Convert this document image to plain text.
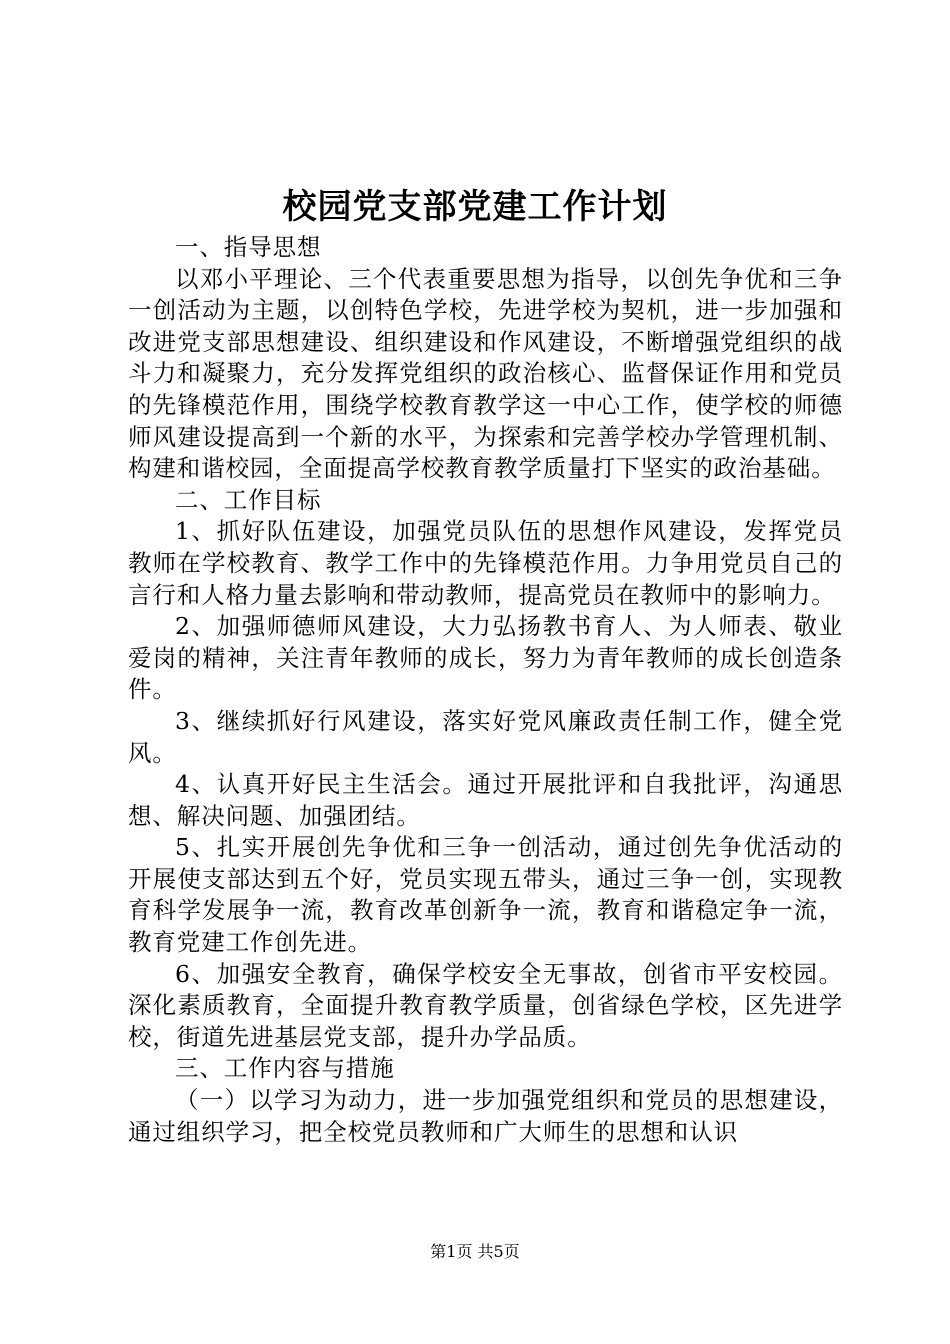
校园党支部党建工作计划

一、指导思想

以邓小平理论、三个代表重要思想为指导，以创先争优和三争一创活动为主题，以创特色学校，先进学校为契机，进一步加强和改进党支部思想建设、组织建设和作风建设，不断增强党组织的战斗力和凝聚力，充分发挥党组织的政治核心、监督保证作用和党员的先锋模范作用，围绕学校教育教学这一中心工作，使学校的师德师风建设提高到一个新的水平，为探索和完善学校办学管理机制、构建和谐校园，全面提高学校教育教学质量打下坚实的政治基础。

二、工作目标

1、抓好队伍建设，加强党员队伍的思想作风建设，发挥党员教师在学校教育、教学工作中的先锋模范作用。力争用党员自己的言行和人格力量去影响和带动教师，提高党员在教师中的影响力。

2、加强师德师风建设，大力弘扬教书育人、为人师表、敬业爱岗的精神，关注青年教师的成长，努力为青年教师的成长创造条件。

3、继续抓好行风建设，落实好党风廉政责任制工作，健全党风。

4、认真开好民主生活会。通过开展批评和自我批评，沟通思想、解决问题、加强团结。

5、扎实开展创先争优和三争一创活动，通过创先争优活动的开展使支部达到五个好，党员实现五带头，通过三争一创，实现教育科学发展争一流，教育改革创新争一流，教育和谐稳定争一流，教育党建工作创先进。

6、加强安全教育，确保学校安全无事故，创省市平安校园。深化素质教育，全面提升教育教学质量，创省绿色学校，区先进学校，街道先进基层党支部，提升办学品质。

三、工作内容与措施

（一）以学习为动力，进一步加强党组织和党员的思想建设，通过组织学习，把全校党员教师和广大师生的思想和认识

第1页 共5页
